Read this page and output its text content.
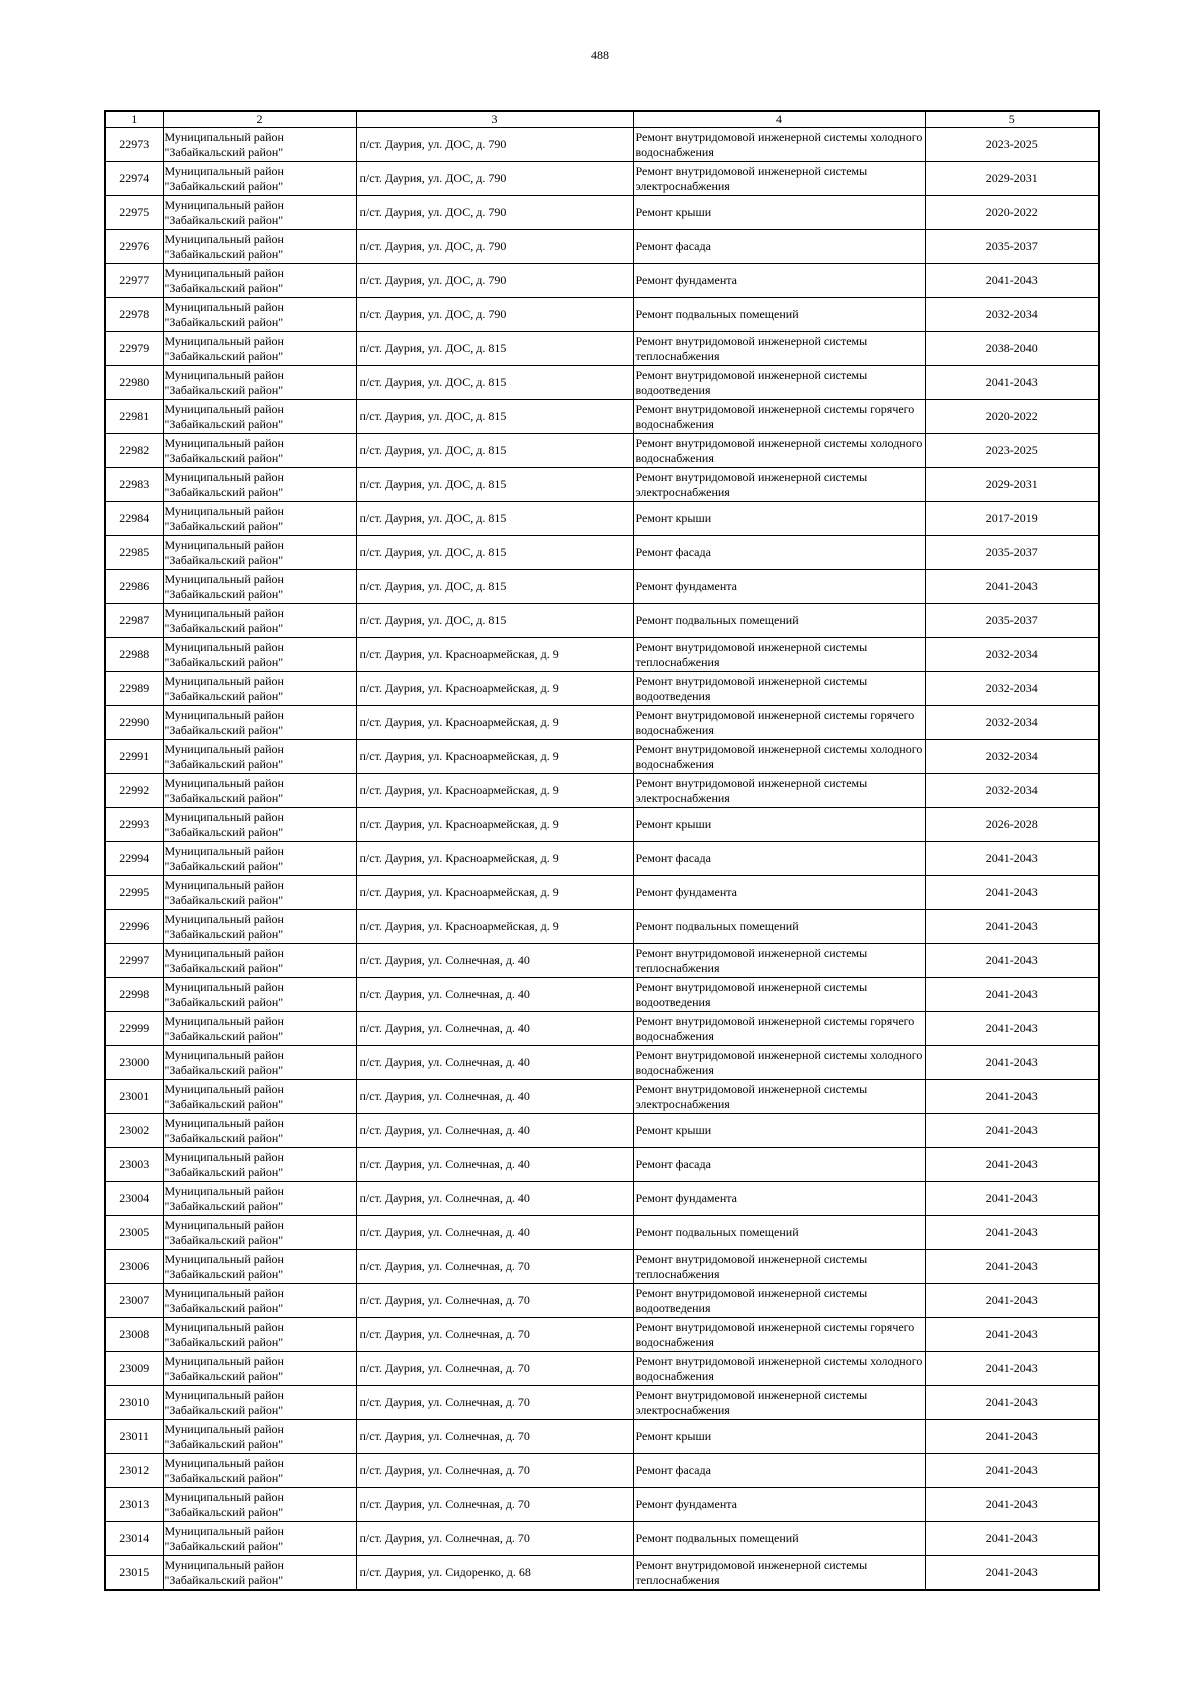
488
1	2	3	4	5
22973	Муниципальный район "Забайкальский район"	п/ст. Даурия, ул. ДОС, д. 790	Ремонт внутридомовой инженерной системы холодного водоснабжения	2023-2025
22974	Муниципальный район "Забайкальский район"	п/ст. Даурия, ул. ДОС, д. 790	Ремонт внутридомовой инженерной системы электроснабжения	2029-2031
22975	Муниципальный район "Забайкальский район"	п/ст. Даурия, ул. ДОС, д. 790	Ремонт крыши	2020-2022
22976	Муниципальный район "Забайкальский район"	п/ст. Даурия, ул. ДОС, д. 790	Ремонт фасада	2035-2037
22977	Муниципальный район "Забайкальский район"	п/ст. Даурия, ул. ДОС, д. 790	Ремонт фундамента	2041-2043
22978	Муниципальный район "Забайкальский район"	п/ст. Даурия, ул. ДОС, д. 790	Ремонт подвальных помещений	2032-2034
22979	Муниципальный район "Забайкальский район"	п/ст. Даурия, ул. ДОС, д. 815	Ремонт внутридомовой инженерной системы теплоснабжения	2038-2040
22980	Муниципальный район "Забайкальский район"	п/ст. Даурия, ул. ДОС, д. 815	Ремонт внутридомовой инженерной системы водоотведения	2041-2043
22981	Муниципальный район "Забайкальский район"	п/ст. Даурия, ул. ДОС, д. 815	Ремонт внутридомовой инженерной системы горячего водоснабжения	2020-2022
22982	Муниципальный район "Забайкальский район"	п/ст. Даурия, ул. ДОС, д. 815	Ремонт внутридомовой инженерной системы холодного водоснабжения	2023-2025
22983	Муниципальный район "Забайкальский район"	п/ст. Даурия, ул. ДОС, д. 815	Ремонт внутридомовой инженерной системы электроснабжения	2029-2031
22984	Муниципальный район "Забайкальский район"	п/ст. Даурия, ул. ДОС, д. 815	Ремонт крыши	2017-2019
22985	Муниципальный район "Забайкальский район"	п/ст. Даурия, ул. ДОС, д. 815	Ремонт фасада	2035-2037
22986	Муниципальный район "Забайкальский район"	п/ст. Даурия, ул. ДОС, д. 815	Ремонт фундамента	2041-2043
22987	Муниципальный район "Забайкальский район"	п/ст. Даурия, ул. ДОС, д. 815	Ремонт подвальных помещений	2035-2037
22988	Муниципальный район "Забайкальский район"	п/ст. Даурия, ул. Красноармейская, д. 9	Ремонт внутридомовой инженерной системы теплоснабжения	2032-2034
22989	Муниципальный район "Забайкальский район"	п/ст. Даурия, ул. Красноармейская, д. 9	Ремонт внутридомовой инженерной системы водоотведения	2032-2034
22990	Муниципальный район "Забайкальский район"	п/ст. Даурия, ул. Красноармейская, д. 9	Ремонт внутридомовой инженерной системы горячего водоснабжения	2032-2034
22991	Муниципальный район "Забайкальский район"	п/ст. Даурия, ул. Красноармейская, д. 9	Ремонт внутридомовой инженерной системы холодного водоснабжения	2032-2034
22992	Муниципальный район "Забайкальский район"	п/ст. Даурия, ул. Красноармейская, д. 9	Ремонт внутридомовой инженерной системы электроснабжения	2032-2034
22993	Муниципальный район "Забайкальский район"	п/ст. Даурия, ул. Красноармейская, д. 9	Ремонт крыши	2026-2028
22994	Муниципальный район "Забайкальский район"	п/ст. Даурия, ул. Красноармейская, д. 9	Ремонт фасада	2041-2043
22995	Муниципальный район "Забайкальский район"	п/ст. Даурия, ул. Красноармейская, д. 9	Ремонт фундамента	2041-2043
22996	Муниципальный район "Забайкальский район"	п/ст. Даурия, ул. Красноармейская, д. 9	Ремонт подвальных помещений	2041-2043
22997	Муниципальный район "Забайкальский район"	п/ст. Даурия, ул. Солнечная, д. 40	Ремонт внутридомовой инженерной системы теплоснабжения	2041-2043
22998	Муниципальный район "Забайкальский район"	п/ст. Даурия, ул. Солнечная, д. 40	Ремонт внутридомовой инженерной системы водоотведения	2041-2043
22999	Муниципальный район "Забайкальский район"	п/ст. Даурия, ул. Солнечная, д. 40	Ремонт внутридомовой инженерной системы горячего водоснабжения	2041-2043
23000	Муниципальный район "Забайкальский район"	п/ст. Даурия, ул. Солнечная, д. 40	Ремонт внутридомовой инженерной системы холодного водоснабжения	2041-2043
23001	Муниципальный район "Забайкальский район"	п/ст. Даурия, ул. Солнечная, д. 40	Ремонт внутридомовой инженерной системы электроснабжения	2041-2043
23002	Муниципальный район "Забайкальский район"	п/ст. Даурия, ул. Солнечная, д. 40	Ремонт крыши	2041-2043
23003	Муниципальный район "Забайкальский район"	п/ст. Даурия, ул. Солнечная, д. 40	Ремонт фасада	2041-2043
23004	Муниципальный район "Забайкальский район"	п/ст. Даурия, ул. Солнечная, д. 40	Ремонт фундамента	2041-2043
23005	Муниципальный район "Забайкальский район"	п/ст. Даурия, ул. Солнечная, д. 40	Ремонт подвальных помещений	2041-2043
23006	Муниципальный район "Забайкальский район"	п/ст. Даурия, ул. Солнечная, д. 70	Ремонт внутридомовой инженерной системы теплоснабжения	2041-2043
23007	Муниципальный район "Забайкальский район"	п/ст. Даурия, ул. Солнечная, д. 70	Ремонт внутридомовой инженерной системы водоотведения	2041-2043
23008	Муниципальный район "Забайкальский район"	п/ст. Даурия, ул. Солнечная, д. 70	Ремонт внутридомовой инженерной системы горячего водоснабжения	2041-2043
23009	Муниципальный район "Забайкальский район"	п/ст. Даурия, ул. Солнечная, д. 70	Ремонт внутридомовой инженерной системы холодного водоснабжения	2041-2043
23010	Муниципальный район "Забайкальский район"	п/ст. Даурия, ул. Солнечная, д. 70	Ремонт внутридомовой инженерной системы электроснабжения	2041-2043
23011	Муниципальный район "Забайкальский район"	п/ст. Даурия, ул. Солнечная, д. 70	Ремонт крыши	2041-2043
23012	Муниципальный район "Забайкальский район"	п/ст. Даурия, ул. Солнечная, д. 70	Ремонт фасада	2041-2043
23013	Муниципальный район "Забайкальский район"	п/ст. Даурия, ул. Солнечная, д. 70	Ремонт фундамента	2041-2043
23014	Муниципальный район "Забайкальский район"	п/ст. Даурия, ул. Солнечная, д. 70	Ремонт подвальных помещений	2041-2043
23015	Муниципальный район "Забайкальский район"	п/ст. Даурия, ул. Сидоренко, д. 68	Ремонт внутридомовой инженерной системы теплоснабжения	2041-2043
